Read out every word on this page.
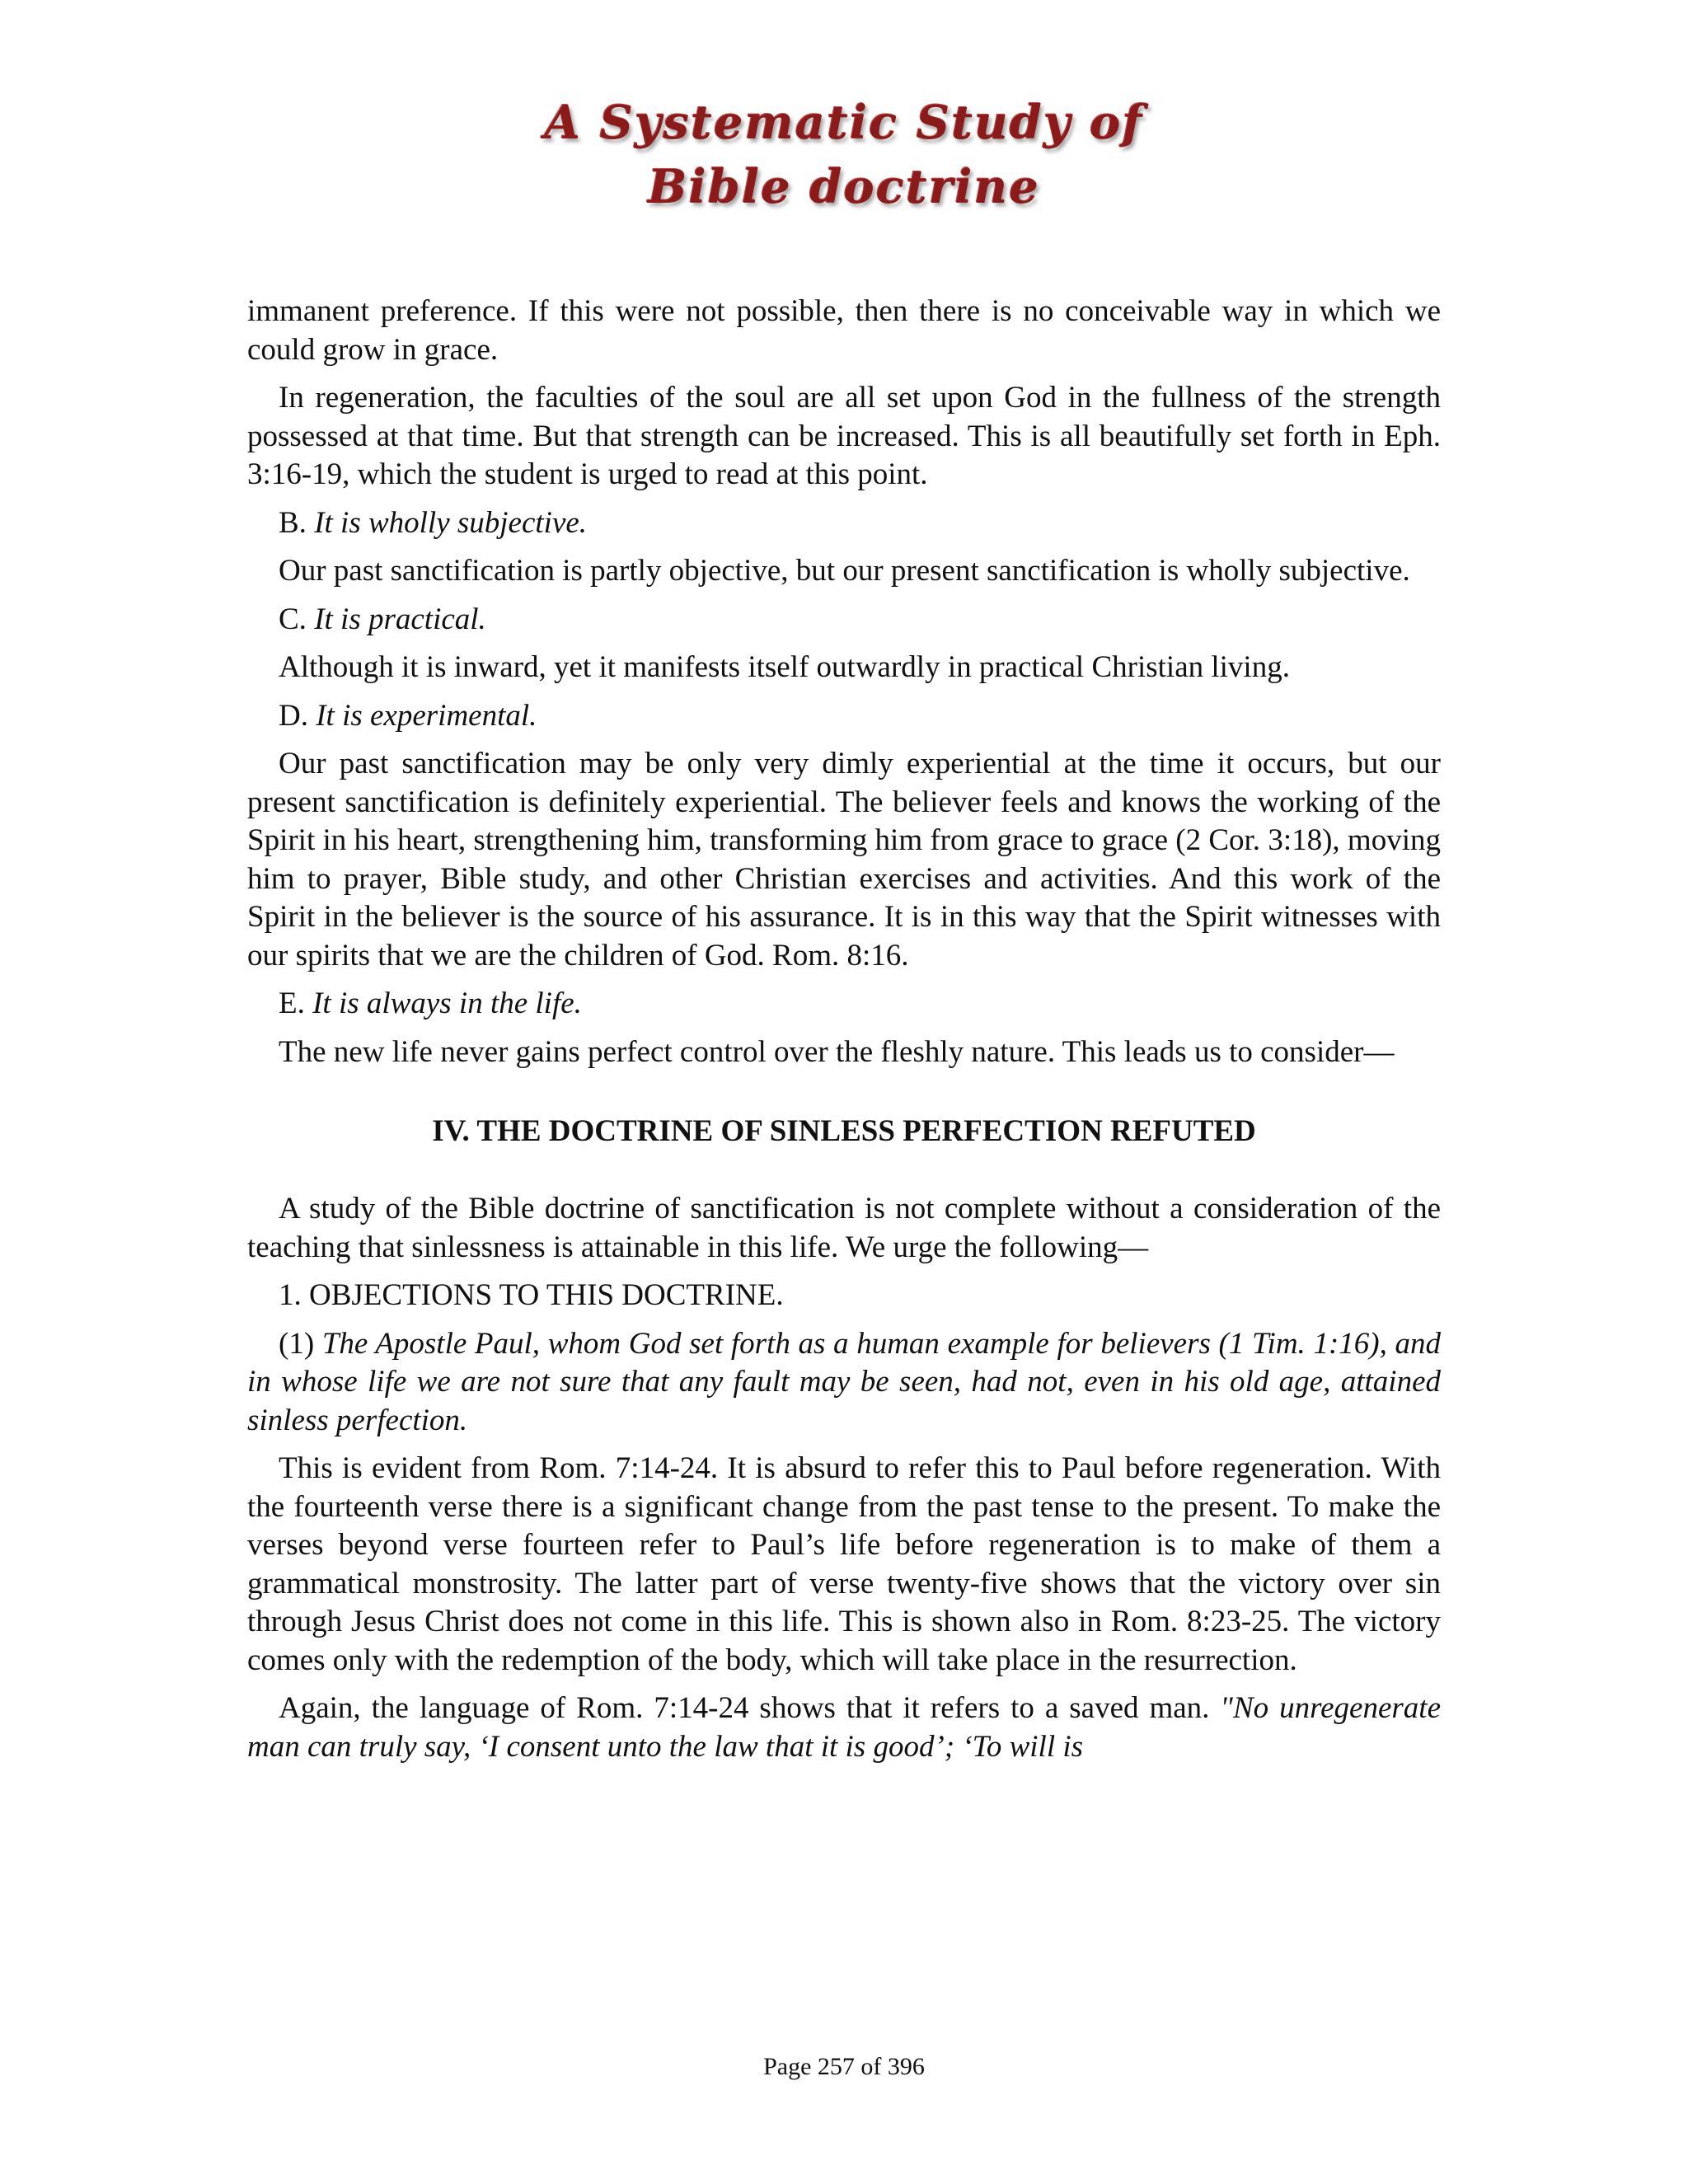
A Systematic Study of
Bible doctrine

immanent preference. If this were not possible, then there is no conceivable way in which we could grow in grace.

In regeneration, the faculties of the soul are all set upon God in the fullness of the strength possessed at that time. But that strength can be increased. This is all beautifully set forth in Eph. 3:16-19, which the student is urged to read at this point.

B. It is wholly subjective.

Our past sanctification is partly objective, but our present sanctification is wholly subjective.

C. It is practical.

Although it is inward, yet it manifests itself outwardly in practical Christian living.

D. It is experimental.

Our past sanctification may be only very dimly experiential at the time it occurs, but our present sanctification is definitely experiential. The believer feels and knows the working of the Spirit in his heart, strengthening him, transforming him from grace to grace (2 Cor. 3:18), moving him to prayer, Bible study, and other Christian exercises and activities. And this work of the Spirit in the believer is the source of his assurance. It is in this way that the Spirit witnesses with our spirits that we are the children of God. Rom. 8:16.

E. It is always in the life.

The new life never gains perfect control over the fleshly nature. This leads us to consider—

IV. THE DOCTRINE OF SINLESS PERFECTION REFUTED

A study of the Bible doctrine of sanctification is not complete without a consideration of the teaching that sinlessness is attainable in this life. We urge the following—

1. OBJECTIONS TO THIS DOCTRINE.

(1) The Apostle Paul, whom God set forth as a human example for believers (1 Tim. 1:16), and in whose life we are not sure that any fault may be seen, had not, even in his old age, attained sinless perfection.

This is evident from Rom. 7:14-24. It is absurd to refer this to Paul before regeneration. With the fourteenth verse there is a significant change from the past tense to the present. To make the verses beyond verse fourteen refer to Paul’s life before regeneration is to make of them a grammatical monstrosity. The latter part of verse twenty-five shows that the victory over sin through Jesus Christ does not come in this life. This is shown also in Rom. 8:23-25. The victory comes only with the redemption of the body, which will take place in the resurrection.

Again, the language of Rom. 7:14-24 shows that it refers to a saved man. "No unregenerate man can truly say, ‘I consent unto the law that it is good’; ‘To will is

Page 257 of 396
